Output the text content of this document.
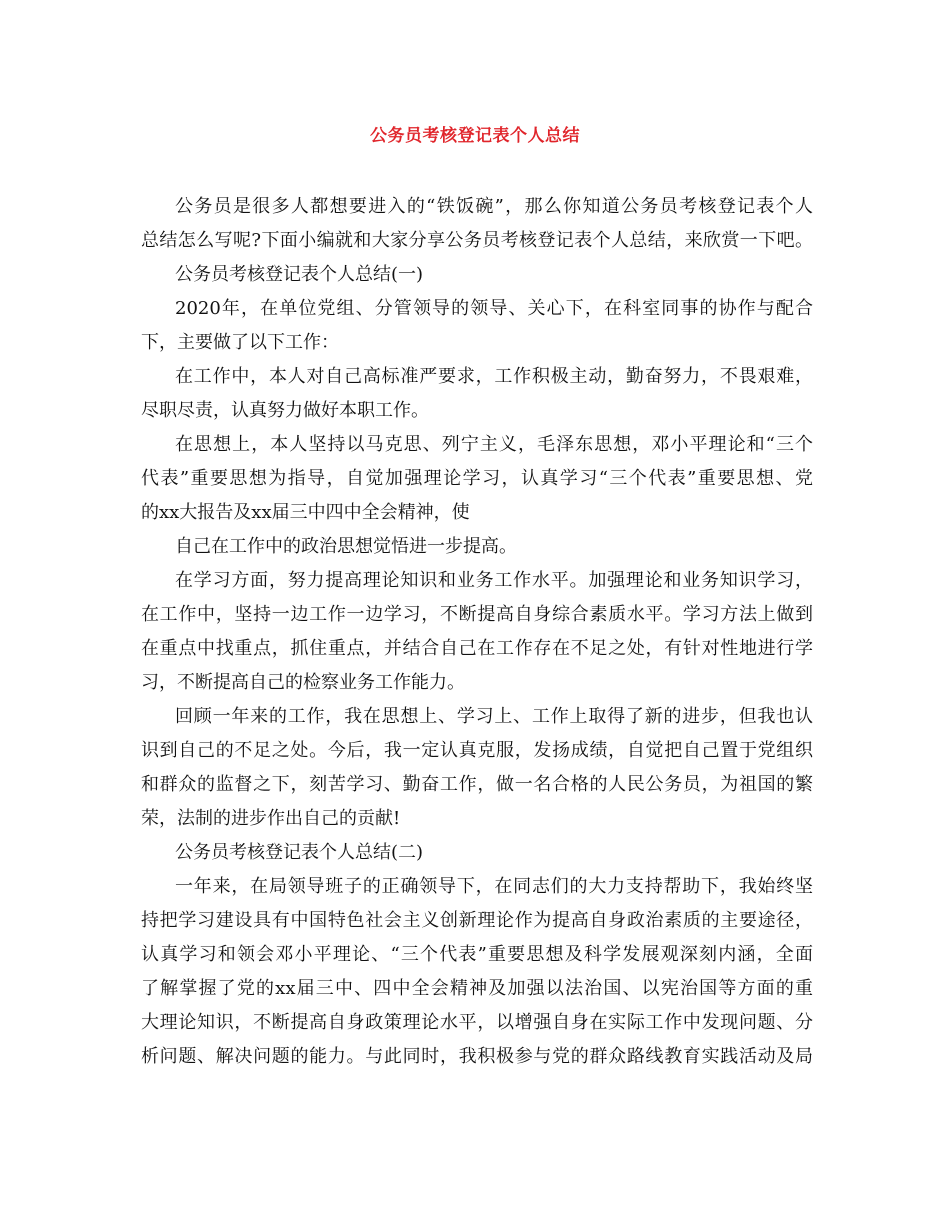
公务员考核登记表个人总结
公务员是很多人都想要进入的“铁饭碗”，那么你知道公务员考核登记表个人
总结怎么写呢?下面小编就和大家分享公务员考核登记表个人总结，来欣赏一下吧。
公务员考核登记表个人总结(一)
2020年，在单位党组、分管领导的领导、关心下，在科室同事的协作与配合
下，主要做了以下工作：
在工作中，本人对自己高标准严要求，工作积极主动，勤奋努力，不畏艰难，
尽职尽责，认真努力做好本职工作。
在思想上，本人坚持以马克思、列宁主义，毛泽东思想，邓小平理论和“三个
代表”重要思想为指导，自觉加强理论学习，认真学习“三个代表”重要思想、党
的xx大报告及xx届三中四中全会精神，使
自己在工作中的政治思想觉悟进一步提高。
在学习方面，努力提高理论知识和业务工作水平。加强理论和业务知识学习，
在工作中，坚持一边工作一边学习，不断提高自身综合素质水平。学习方法上做到
在重点中找重点，抓住重点，并结合自己在工作存在不足之处，有针对性地进行学
习，不断提高自己的检察业务工作能力。
回顾一年来的工作，我在思想上、学习上、工作上取得了新的进步，但我也认
识到自己的不足之处。今后，我一定认真克服，发扬成绩，自觉把自己置于党组织
和群众的监督之下，刻苦学习、勤奋工作，做一名合格的人民公务员，为祖国的繁
荣，法制的进步作出自己的贡献!
公务员考核登记表个人总结(二)
一年来，在局领导班子的正确领导下，在同志们的大力支持帮助下，我始终坚
持把学习建设具有中国特色社会主义创新理论作为提高自身政治素质的主要途径，
认真学习和领会邓小平理论、“三个代表”重要思想及科学发展观深刻内涵，全面
了解掌握了党的xx届三中、四中全会精神及加强以法治国、以宪治国等方面的重
大理论知识，不断提高自身政策理论水平，以增强自身在实际工作中发现问题、分
析问题、解决问题的能力。与此同时，我积极参与党的群众路线教育实践活动及局
